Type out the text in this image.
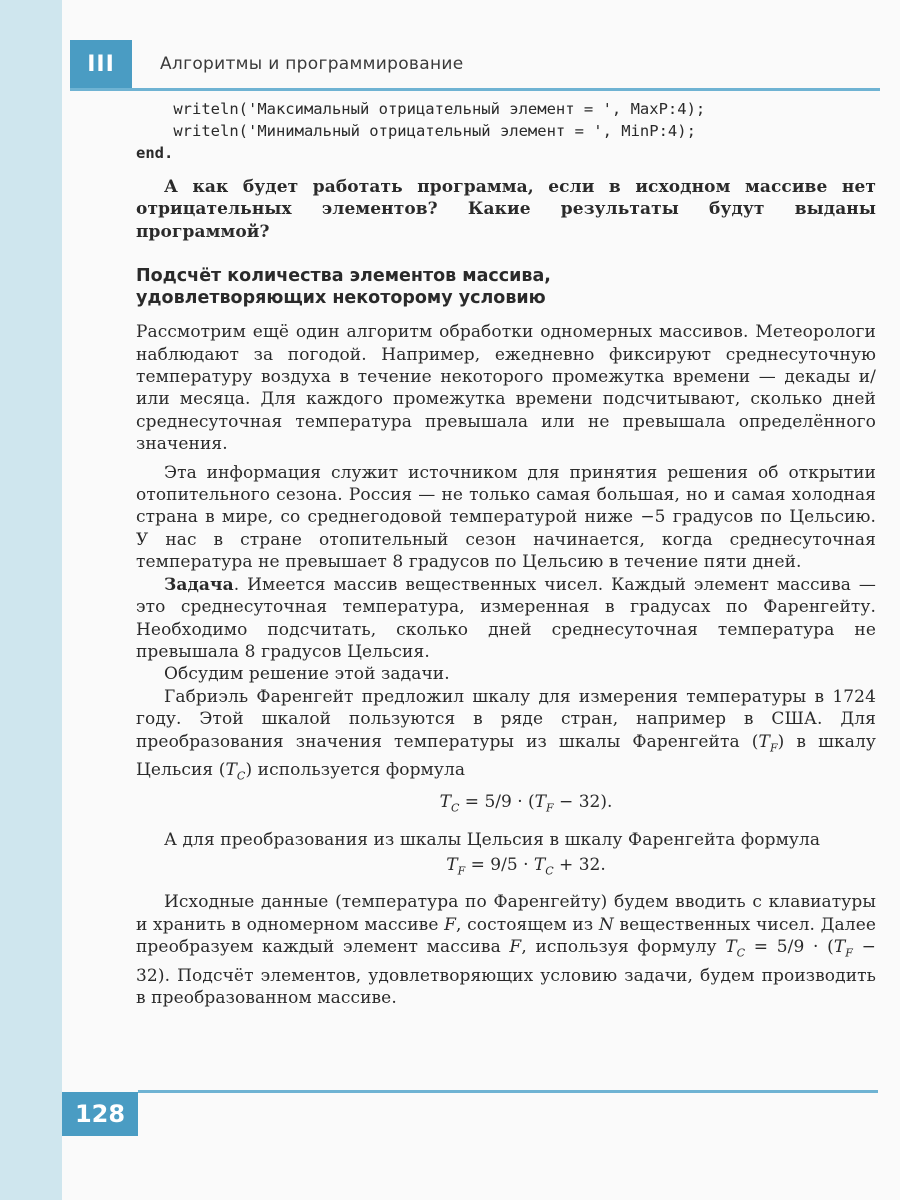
III	Алгоритмы и программирование
writeln('Максимальный отрицательный элемент = ', MaxP:4);
writeln('Минимальный отрицательный элемент = ', MinP:4);
end.

А как будет работать программа, если в исходном массиве нет отрицательных элементов? Какие результаты будут выданы программой?

Подсчёт количества элементов массива,
удовлетворяющих некоторому условию

Рассмотрим ещё один алгоритм обработки одномерных массивов. Метеорологи наблюдают за погодой. Например, ежедневно фиксируют среднесуточную температуру воздуха в течение некоторого промежутка времени — декады и/или месяца. Для каждого промежутка времени подсчитывают, сколько дней среднесуточная температура превышала или не превышала определённого значения.

Эта информация служит источником для принятия решения об открытии отопительного сезона. Россия — не только самая большая, но и самая холодная страна в мире, со среднегодовой температурой ниже −5 градусов по Цельсию. У нас в стране отопительный сезон начинается, когда среднесуточная температура не превышает 8 градусов по Цельсию в течение пяти дней.

Задача. Имеется массив вещественных чисел. Каждый элемент массива — это среднесуточная температура, измеренная в градусах по Фаренгейту. Необходимо подсчитать, сколько дней среднесуточная температура не превышала 8 градусов Цельсия.

Обсудим решение этой задачи.

Габриэль Фаренгейт предложил шкалу для измерения температуры в 1724 году. Этой шкалой пользуются в ряде стран, например в США. Для преобразования значения температуры из шкалы Фаренгейта $(T_F)$ в шкалу Цельсия $(T_C)$ используется формула

$T_C = 5/9 \cdot (T_F - 32)$.

А для преобразования из шкалы Цельсия в шкалу Фаренгейта формула

$T_F = 9/5 \cdot T_C + 32$.

Исходные данные (температура по Фаренгейту) будем вводить с клавиатуры и хранить в одномерном массиве F, состоящем из N вещественных чисел. Далее преобразуем каждый элемент массива F, используя формулу $T_C = 5/9 \cdot (T_F - 32)$. Подсчёт элементов, удовлетворяющих условию задачи, будем производить в преобразованном массиве.

128
